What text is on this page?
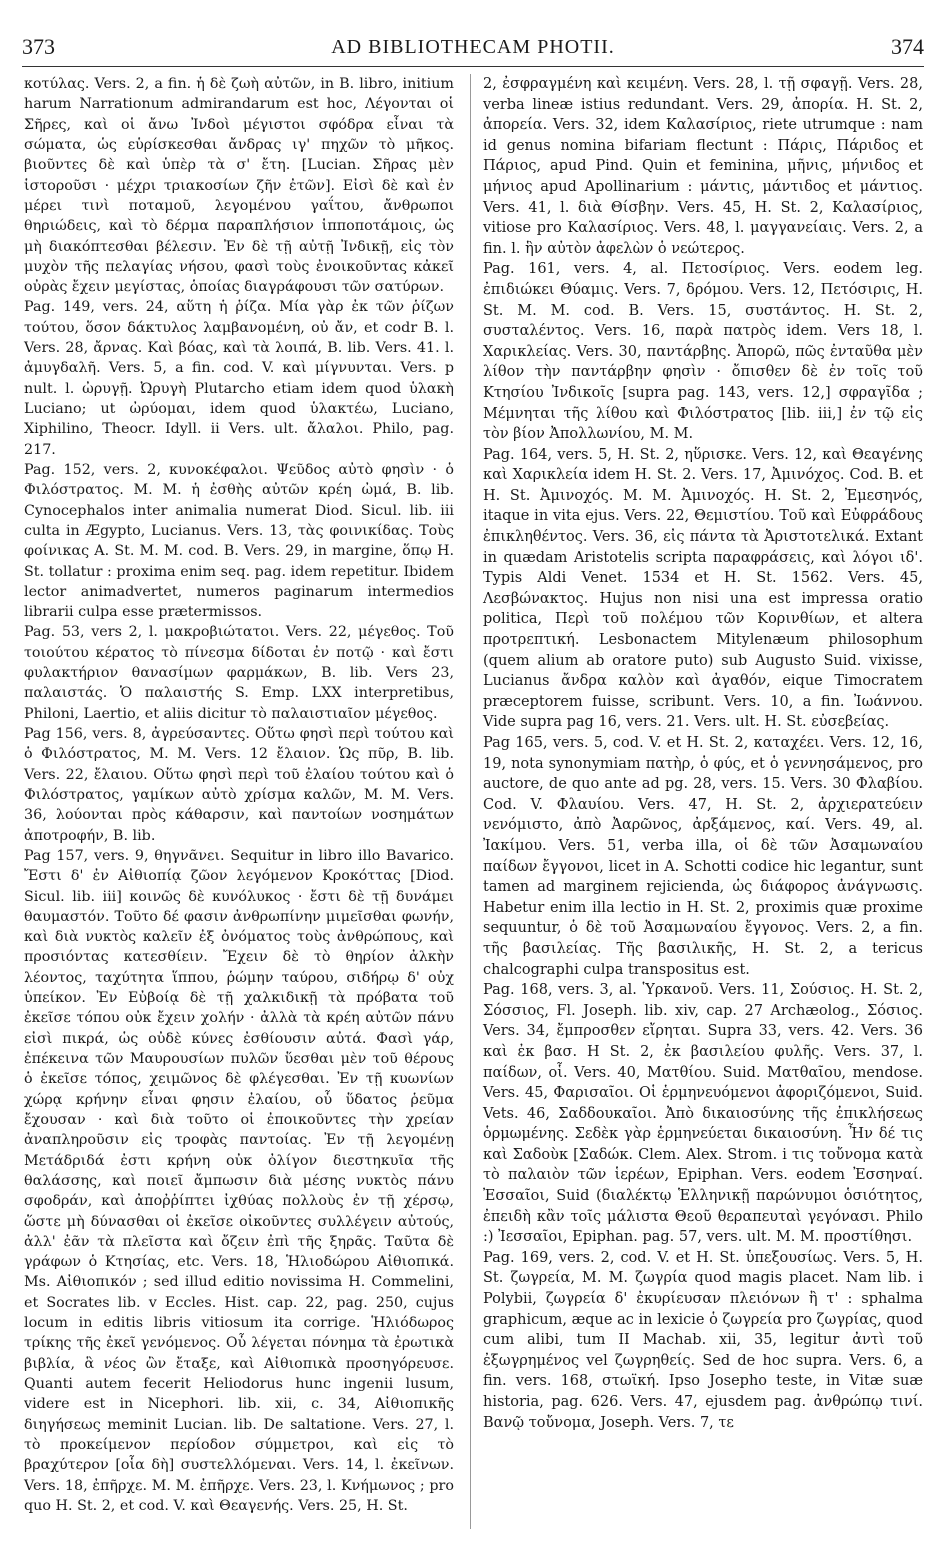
373	AD BIBLIOTHECAM PHOTII.	374

κοτύλας. Vers. 2, a fin. ἡ δὲ ζωὴ αὐτῶν, in B. libro, initium harum Narrationum admirandarum est hoc, Λέγονται οἱ Σῆρες, καὶ οἱ ἄνω Ἰνδοὶ μέγιστοι σφόδρα εἶναι τὰ σώματα, ὡς εὑρίσκεσθαι ἄνδρας ιγ' πηχῶν τὸ μῆκος. βιοῦντες δὲ καὶ ὑπὲρ τὰ σ' ἔτη. [Lucian. Σῆρας μὲν ἱστοροῦσι · μέχρι τριακοσίων ζῆν ἐτῶν]. Εἰσὶ δὲ καὶ ἐν μέρει τινὶ ποταμοῦ, λεγομένου γαΐτου, ἄνθρωποι θηριώδεις, καὶ τὸ δέρμα παραπλήσιον ἱπποποτάμοις, ὡς μὴ διακόπτεσθαι βέλεσιν. Ἐν δὲ τῇ αὐτῇ Ἰνδικῇ, εἰς τὸν μυχὸν τῆς πελαγίας νήσου, φασὶ τοὺς ἐνοικοῦντας κἀκεῖ οὐρὰς ἔχειν μεγίστας, ὁποίας διαγράφουσι τῶν σατύρων.

Pag. 149, vers. 24, αὕτη ἡ ῥίζα. Μία γὰρ ἐκ τῶν ῥίζων τούτου, ὅσον δάκτυλος λαμβανομένη, οὐ ἄν, et codr B. l. Vers. 28, ἄρνας. Καὶ βόας, καὶ τὰ λοιπά, B. lib. Vers. 41. l. ἀμυγδαλῆ. Vers. 5, a fin. cod. V. καὶ μίγνυνται. Vers. p nult. l. ὠρυγῇ. Ὠρυγὴ Plutarcho etiam idem quod ὑλακὴ Luciano; ut ὠρύομαι, idem quod ὑλακτέω, Luciano, Xiphilino, Theocr. Idyll. ii Vers. ult. ἄλαλοι. Philo, pag. 217.

Pag. 152, vers. 2, κυνοκέφαλοι. Ψεῦδος αὐτὸ φησὶν · ὁ Φιλόστρατος. M. M. ἡ ἐσθὴς αὐτῶν κρέη ὠμά, B. lib. Cynocephalos inter animalia numerat Diod. Sicul. lib. iii culta in Ægypto, Lucianus. Vers. 13, τὰς φοινικίδας. Τοὺς φοίνικας A. St. M. M. cod. B. Vers. 29, in margine, ὅπῳ H. St. tollatur : proxima enim seq. pag. idem repetitur. Ibidem lector animadvertet, numeros paginarum intermedios librarii culpa esse prætermissos.

Pag. 53, vers 2, l. μακροβιώτατοι. Vers. 22, μέγεθος. Τοῦ τοιούτου κέρατος τὸ πίνεσμα δίδοται ἐν ποτῷ · καὶ ἔστι φυλακτήριον θανασίμων φαρμάκων, B. lib. Vers 23, παλαιστάς. Ὁ παλαιστής S. Emp. LXX interpretibus, Philoni, Laertio, et aliis dicitur τὸ παλαιστιαῖον μέγεθος.

Pag 156, vers. 8, ἀγρεύσαντες. Οὕτω φησὶ περὶ τούτου καὶ ὁ Φιλόστρατος, M. M. Vers. 12 ἔλαιον. Ὡς πῦρ, B. lib. Vers. 22, ἔλαιου. Οὕτω φησὶ περὶ τοῦ ἐλαίου τούτου καὶ ὁ Φιλόστρατος, γαμίκων αὐτὸ χρίσμα καλῶν, M. M. Vers. 36, λούονται πρὸς κάθαρσιν, καὶ παντοίων νοσημάτων ἀποτροφήν, B. lib.

Pag 157, vers. 9, θηγνᾶνει. Sequitur in libro illo Bavarico. Ἔστι δ' ἐν Αἰθιοπίᾳ ζῶον λεγόμενον Κροκόττας [Diod. Sicul. lib. iii] κοινῶς δὲ κυνόλυκος · ἔστι δὲ τῇ δυνάμει θαυμαστόν. Τοῦτο δέ φασιν ἀνθρωπίνην μιμεῖσθαι φωνήν, καὶ διὰ νυκτὸς καλεῖν ἐξ ὀνόματος τοὺς ἀνθρώπους, καὶ προσιόντας κατεσθίειν. Ἔχειν δὲ τὸ θηρίον ἀλκὴν λέοντος, ταχύτητα ἵππου, ῥώμην ταύρου, σιδήρῳ δ' οὐχ ὑπείκον. Ἐν Εὐβοίᾳ δὲ τῇ χαλκιδικῇ τὰ πρόβατα τοῦ ἐκεῖσε τόπου οὐκ ἔχειν χολήν · ἀλλὰ τὰ κρέη αὐτῶν πάνυ εἰσὶ πικρά, ὡς οὐδὲ κύνες ἐσθίουσιν αὐτά. Φασὶ γάρ, ἐπέκεινα τῶν Μαυρουσίων πυλῶν ὕεσθαι μὲν τοῦ θέρους ὁ ἐκεῖσε τόπος, χειμῶνος δὲ φλέγεσθαι. Ἐν τῇ κυωνίων χώρᾳ κρήνην εἶναι φησιν ἐλαίου, οὗ ὕδατος ῥεῦμα ἔχουσαν · καὶ διὰ τοῦτο οἱ ἐποικοῦντες τὴν χρείαν ἀναπληροῦσιν εἰς τροφὰς παντοίας. Ἐν τῇ λεγομένῃ Μετάδριδά ἐστι κρήνη οὐκ ὀλίγον διεστηκυῖα τῆς θαλάσσης, καὶ ποιεῖ ἄμπωσιν διὰ μέσης νυκτὸς πάνυ σφοδράν, καὶ ἀποῤῥίπτει ἰχθύας πολλοὺς ἐν τῇ χέρσῳ, ὥστε μὴ δύνασθαι οἱ ἐκεῖσε οἰκοῦντες συλλέγειν αὐτούς, ἀλλ' ἐᾶν τὰ πλεῖστα καὶ ὄζειν ἐπὶ τῆς ξηρᾶς. Ταῦτα δὲ γράφων ὁ Κτησίας, etc. Vers. 18, Ἡλιοδώρου Αἰθιοπικά. Ms. Αἰθιοπικόν ; sed illud editio novissima H. Commelini, et Socrates lib. v Eccles. Hist. cap. 22, pag. 250, cujus locum in editis libris vitiosum ita corrige. Ἡλιόδωρος τρίκης τῆς ἐκεῖ γενόμενος. Οὗ λέγεται πόνημα τὰ ἐρωτικὰ βιβλία, ἃ νέος ὢν ἔταξε, καὶ Αἰθιοπικὰ προσηγόρευσε. Quanti autem fecerit Heliodorus hunc ingenii lusum, videre est in Nicephori. lib. xii, c. 34, Αἰθιοπικῆς διηγήσεως meminit Lucian. lib. De saltatione. Vers. 27, l. τὸ προκείμενον περίοδον σύμμετροι, καὶ εἰς τὸ βραχύτερον [οἷα δὴ] συστελλόμεναι. Vers. 14, l. ἐκεῖνων. Vers. 18, ἐπῆρχε. M. M. ἐπῆρχε. Vers. 23, l. Κνήμωνος ; pro quo H. St. 2, et cod. V. καὶ Θεαγενής. Vers. 25, H. St.

2, ἐσφραγμένη καὶ κειμένη. Vers. 28, l. τῇ σφαγῇ. Vers. 28, verba lineæ istius redundant. Vers. 29, ἀπορία. H. St. 2, ἀπορεία. Vers. 32, idem Καλασίριος, riete utrumque : nam id genus nomina bifariam flectunt : Πάρις, Πάριδος et Πάριος, apud Pind. Quin et feminina, μῆνις, μήνιδος et μήνιος apud Apollinarium : μάντις, μάντιδος et μάντιος. Vers. 41, l. διὰ Θίσβην. Vers. 45, H. St. 2, Καλασίριος, vitiose pro Καλασίριος. Vers. 48, l. μαγγανείαις. Vers. 2, a fin. l. ἣν αὐτὸν ἀφελὼν ὁ νεώτερος.

Pag. 161, vers. 4, al. Πετοσίριος. Vers. eodem leg. ἐπιδιώκει Θύαμις. Vers. 7, δρόμου. Vers. 12, Πετόσιρις, H. St. M. M. cod. B. Vers. 15, συστάντος. H. St. 2, συσταλέντος. Vers. 16, παρὰ πατρὸς idem. Vers 18, l. Χαρικλείας. Vers. 30, παντάρβης. Ἀπορῶ, πῶς ἐνταῦθα μὲν λίθον τὴν παντάρβην φησὶν · ὄπισθεν δὲ ἐν τοῖς τοῦ Κτησίου Ἰνδικοῖς [supra pag. 143, vers. 12,] σφραγῖδα ; Μέμνηται τῆς λίθου καὶ Φιλόστρατος [lib. iii,] ἐν τῷ εἰς τὸν βίον Ἀπολλωνίου, M. M.

Pag. 164, vers. 5, H. St. 2, ηὕρισκε. Vers. 12, καὶ Θεαγένης καὶ Χαρικλεία idem H. St. 2. Vers. 17, Ἀμινόχος. Cod. B. et H. St. Ἀμινοχός. M. M. Ἀμινοχός. H. St. 2, Ἐμεσηνός, itaque in vita ejus. Vers. 22, Θεμιστίου. Τοῦ καὶ Εὐφράδους ἐπικληθέντος. Vers. 36, εἰς πάντα τὰ Ἀριστοτελικά. Extant in quædam Aristotelis scripta παραφράσεις, καὶ λόγοι ιδ'. Typis Aldi Venet. 1534 et H. St. 1562. Vers. 45, Λεσβώνακτος. Hujus non nisi una est impressa oratio politica, Περὶ τοῦ πολέμου τῶν Κορινθίων, et altera προτρεπτική. Lesbonactem Mitylenæum philosophum (quem alium ab oratore puto) sub Augusto Suid. vixisse, Lucianus ἄνδρα καλὸν καὶ ἀγαθόν, eique Timocratem præceptorem fuisse, scribunt. Vers. 10, a fin. Ἰωάννου. Vide supra pag 16, vers. 21. Vers. ult. H. St. εὐσεβείας.

Pag 165, vers. 5, cod. V. et H. St. 2, καταχέει. Vers. 12, 16, 19, nota synonymiam πατὴρ, ὁ φύς, et ὁ γεννησάμενος, pro auctore, de quo ante ad pg. 28, vers. 15. Vers. 30 Φλαβίου. Cod. V. Φλαυίου. Vers. 47, H. St. 2, ἀρχιερατεύειν νενόμιστο, ἀπὸ Ἀαρῶνος, ἀρξάμενος, καί. Vers. 49, al. Ἰακίμου. Vers. 51, verba illa, οἱ δὲ τῶν Ἀσαμωναίου παίδων ἔγγονοι, licet in A. Schotti codice hic legantur, sunt tamen ad marginem rejicienda, ὡς διάφορος ἀνάγνωσις. Habetur enim illa lectio in H. St. 2, proximis quæ proxime sequuntur, ὁ δὲ τοῦ Ἀσαμωναίου ἔγγονος. Vers. 2, a fin. τῆς βασιλείας. Τῆς βασιλικῆς, H. St. 2, a tericus chalcographi culpa transpositus est.

Pag. 168, vers. 3, al. Ὑρκανοῦ. Vers. 11, Σούσιος. H. St. 2, Σόσσιος, Fl. Joseph. lib. xiv, cap. 27 Archæolog., Σόσιος. Vers. 34, ἔμπροσθεν εἴρηται. Supra 33, vers. 42. Vers. 36 καὶ ἐκ βασ. H St. 2, ἐκ βασιλείου φυλῆς. Vers. 37, l. παίδων, οἷ. Vers. 40, Ματθίου. Suid. Ματθαῖου, mendose. Vers. 45, Φαρισαῖοι. Οἱ ἑρμηνευόμενοι ἀφοριζόμενοι, Suid. Vets. 46, Σαδδουκαῖοι. Ἀπὸ δικαιοσύνης τῆς ἐπικλήσεως ὁρμωμένης. Σεδὲκ γὰρ ἑρμηνεύεται δικαιοσύνη. Ἦν δέ τις καὶ Σαδοὺκ [Σαδώκ. Clem. Alex. Strom. i τις τοὔνομα κατὰ τὸ παλαιὸν τῶν ἱερέων, Epiphan. Vers. eodem Ἐσσηναί. Ἐσσαῖοι, Suid (διαλέκτῳ Ἑλληνικῇ παρώνυμοι ὁσιότητος, ἐπειδὴ κἂν τοῖς μάλιστα Θεοῦ θεραπευταὶ γεγόνασι. Philo :) Ἰεσσαῖοι, Epiphan. pag. 57, vers. ult. M. M. προστίθησι.

Pag. 169, vers. 2, cod. V. et H. St. ὑπεξουσίως. Vers. 5, H. St. ζωγρεία, M. M. ζωγρία quod magis placet. Nam lib. i Polybii, ζωγρεία δ' ἐκυρίευσαν πλειόνων ἢ τ' : sphalma graphicum, æque ac in lexicie ὁ ζωγρεία pro ζωγρίας, quod cum alibi, tum II Machab. xii, 35, legitur ἀντὶ τοῦ ἐξωγρημένος vel ζωγρηθείς. Sed de hoc supra. Vers. 6, a fin. vers. 168, στωϊκή. Ipso Josepho teste, in Vitæ suæ historia, pag. 626. Vers. 47, ejusdem pag. ἀνθρώπῳ τινί. Βανῷ τοὔνομα, Joseph. Vers. 7, τε
